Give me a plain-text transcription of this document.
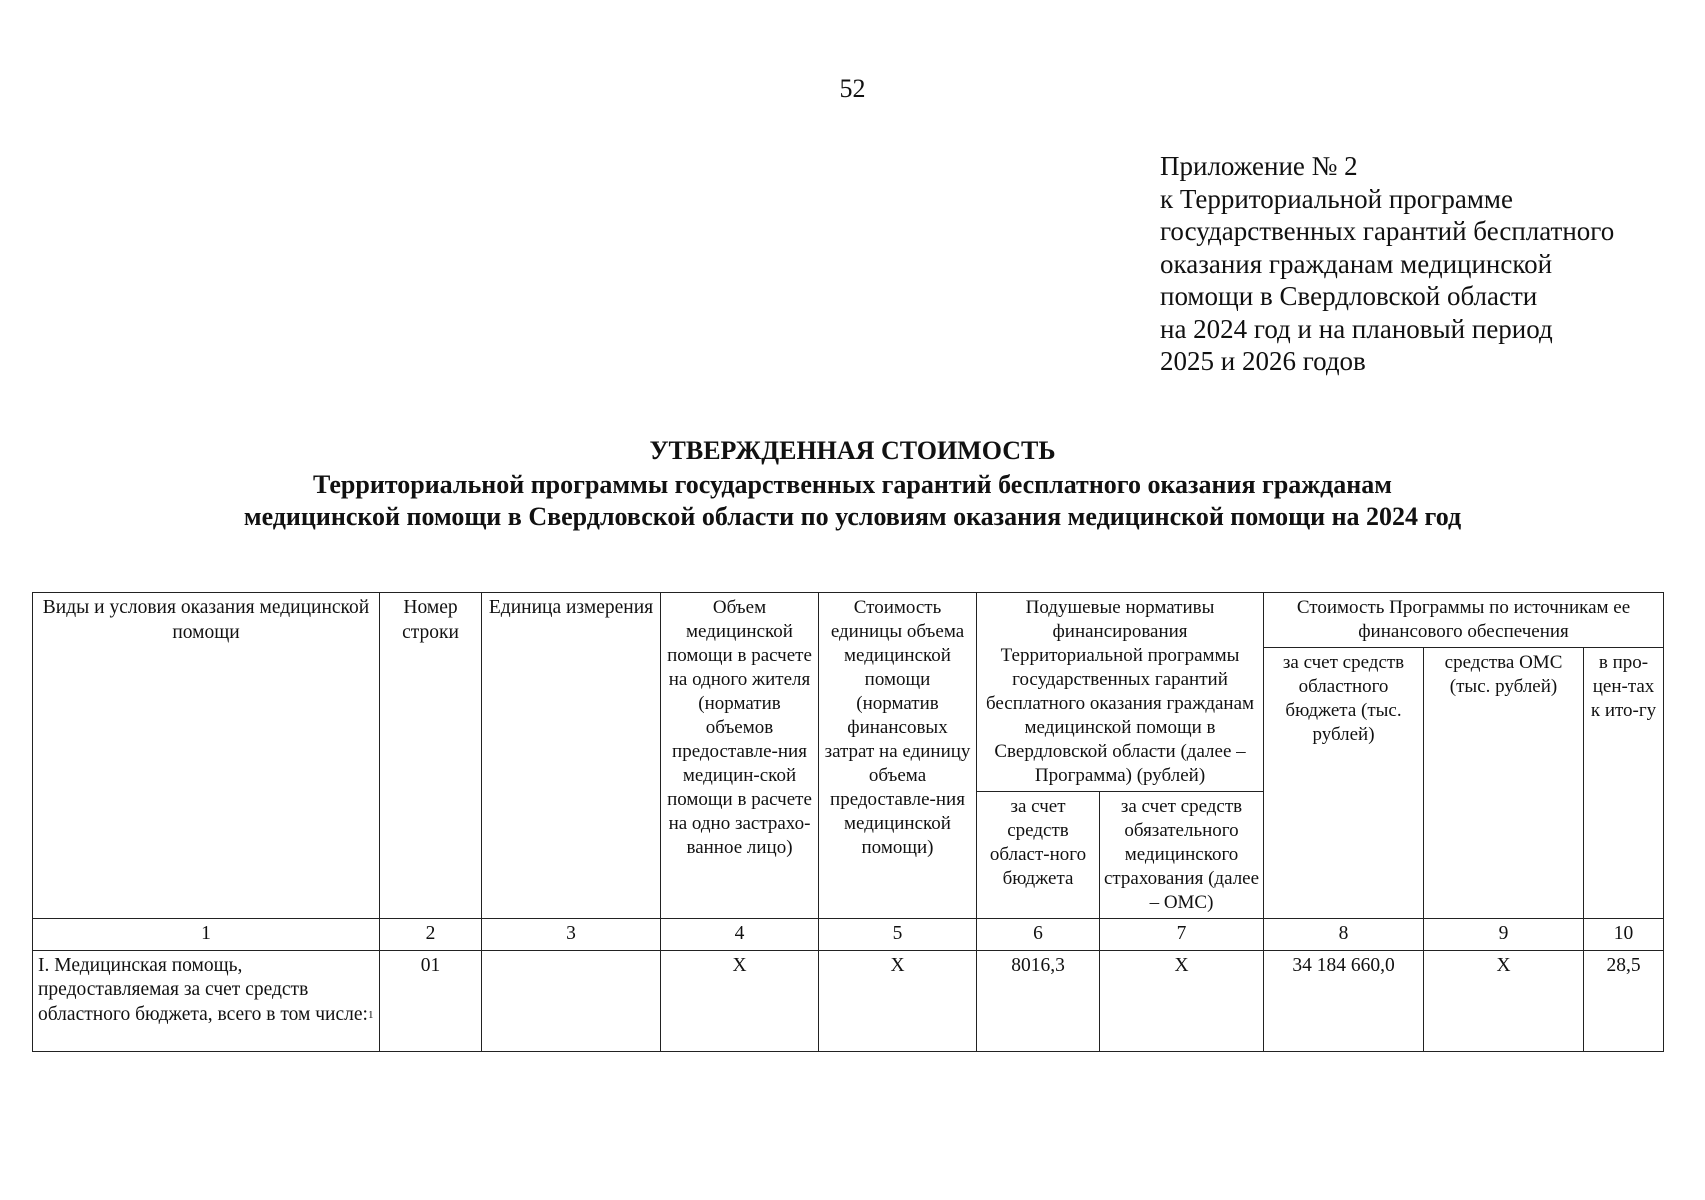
52
Приложение № 2
к Территориальной программе
государственных гарантий бесплатного
оказания гражданам медицинской
помощи в Свердловской области
на 2024 год и на плановый период
2025 и 2026 годов
УТВЕРЖДЕННАЯ СТОИМОСТЬ
Территориальной программы государственных гарантий бесплатного оказания гражданам
медицинской помощи в Свердловской области по условиям оказания медицинской помощи на 2024 год
Виды и условия оказания медицинской помощи	Номер строки	Единица измерения	Объем медицинской помощи в расчете на одного жителя (норматив объемов предоставле-ния медицин-ской помощи в расчете на одно застрахо-ванное лицо)	Стоимость единицы объема медицинской помощи (норматив финансовых затрат на единицу объема предоставле-ния медицинской помощи)	Подушевые нормативы финансирования Территориальной программы государственных гарантий бесплатного оказания гражданам медицинской помощи в Свердловской области (далее – Программа) (рублей)		Стоимость Программы по источникам ее финансового обеспечения		
							за счет средств областного бюджета (тыс. рублей)	средства ОМС (тыс. рублей)	в про-цен-тах к ито-гу
					за счет средств област-ного бюджета	за счет средств обязательного медицинского страхования (далее – ОМС)			
1	2	3	4	5	6	7	8	9	10
I. Медицинская помощь, предоставляемая за счет средств областного бюджета, всего в том числе:$^1$	01		Х	Х	8016,3	Х	34 184 660,0	Х	28,5
